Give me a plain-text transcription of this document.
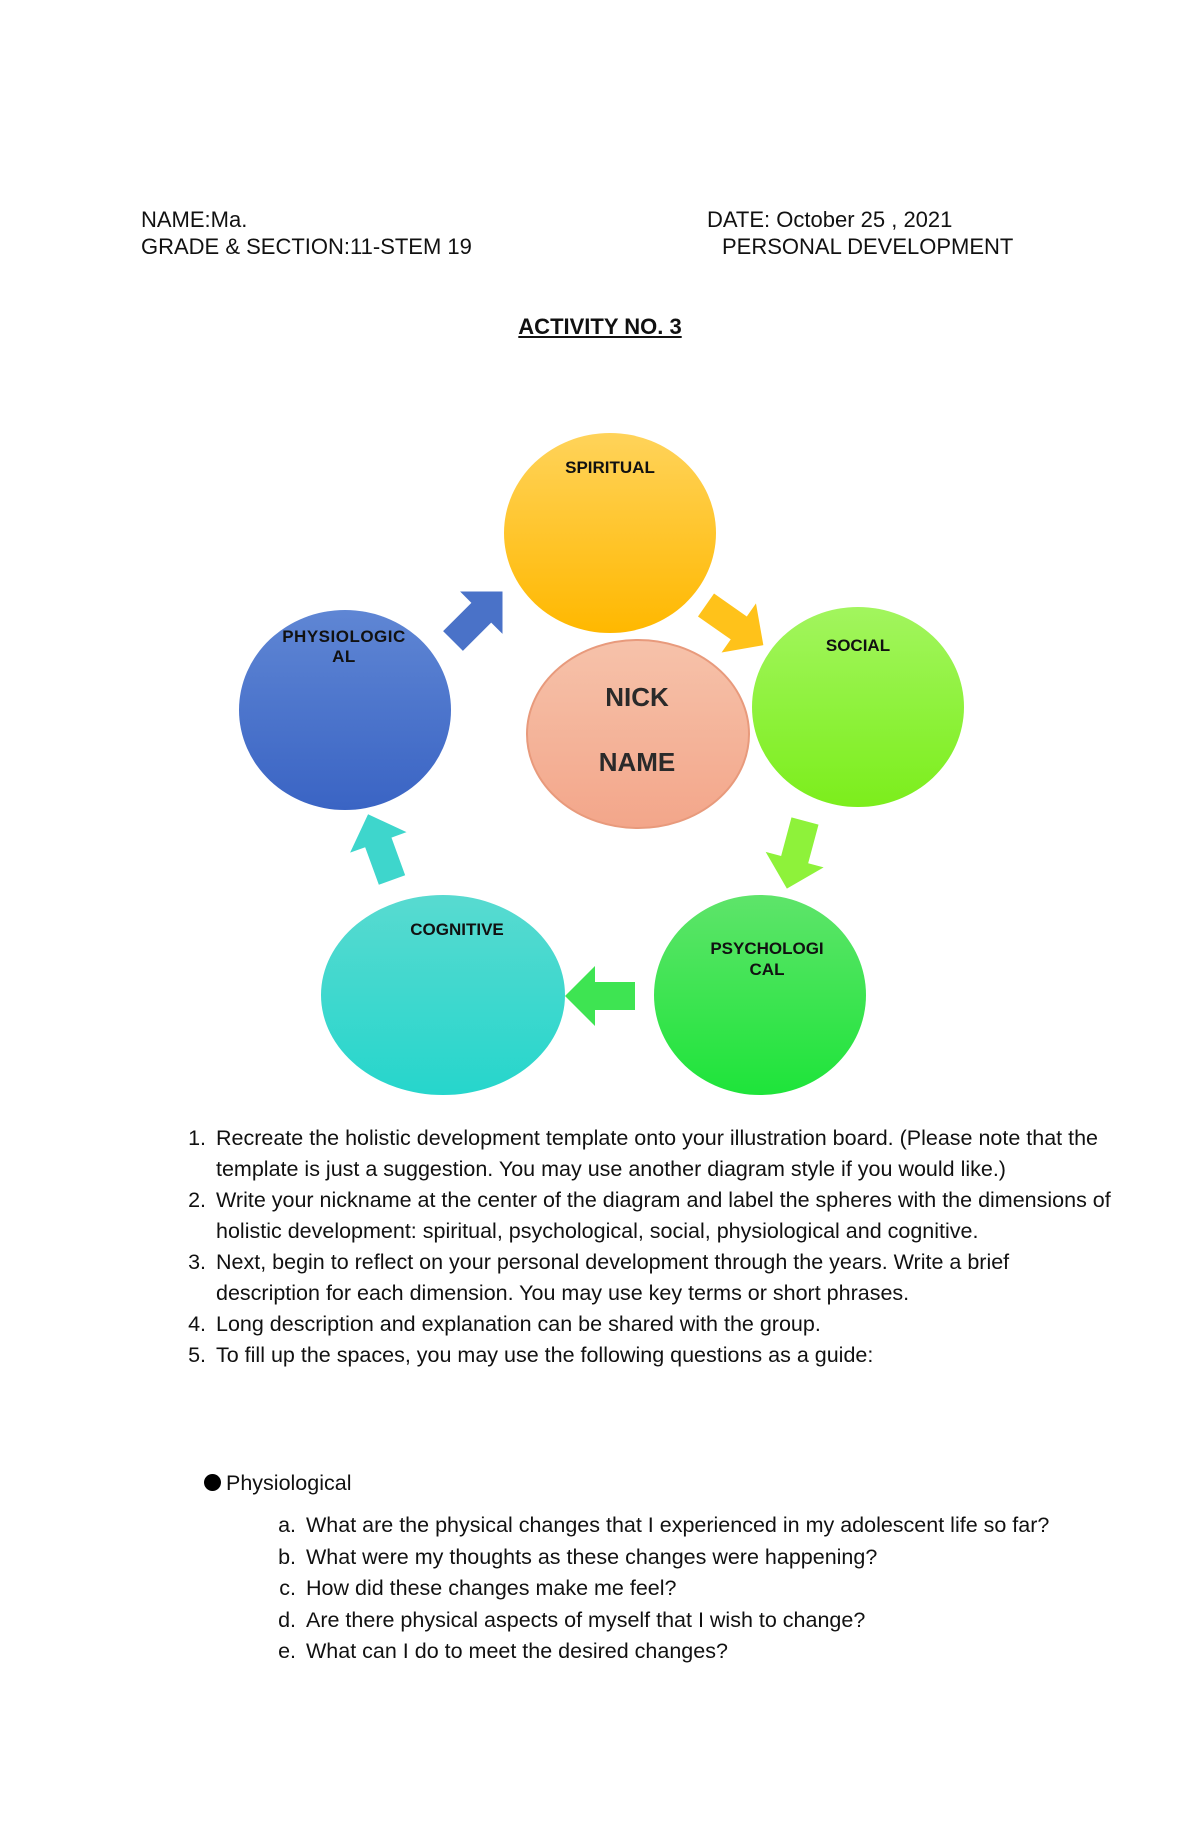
NAME:Ma.
GRADE & SECTION:11-STEM 19
DATE: October 25 , 2021
PERSONAL DEVELOPMENT
ACTIVITY NO. 3
SPIRITUAL
SOCIAL
PSYCHOLOGI
CAL
COGNITIVE
PHYSIOLOGIC
AL
NICK
NAME
1. Recreate the holistic development template onto your illustration board. (Please note that the template is just a suggestion. You may use another diagram style if you would like.)
2. Write your nickname at the center of the diagram and label the spheres with the dimensions of holistic development: spiritual, psychological, social, physiological and cognitive.
3. Next, begin to reflect on your personal development through the years. Write a brief description for each dimension. You may use key terms or short phrases.
4. Long description and explanation can be shared with the group.
5. To fill up the spaces, you may use the following questions as a guide:
Physiological
a. What are the physical changes that I experienced in my adolescent life so far?
b. What were my thoughts as these changes were happening?
c. How did these changes make me feel?
d. Are there physical aspects of myself that I wish to change?
e. What can I do to meet the desired changes?
